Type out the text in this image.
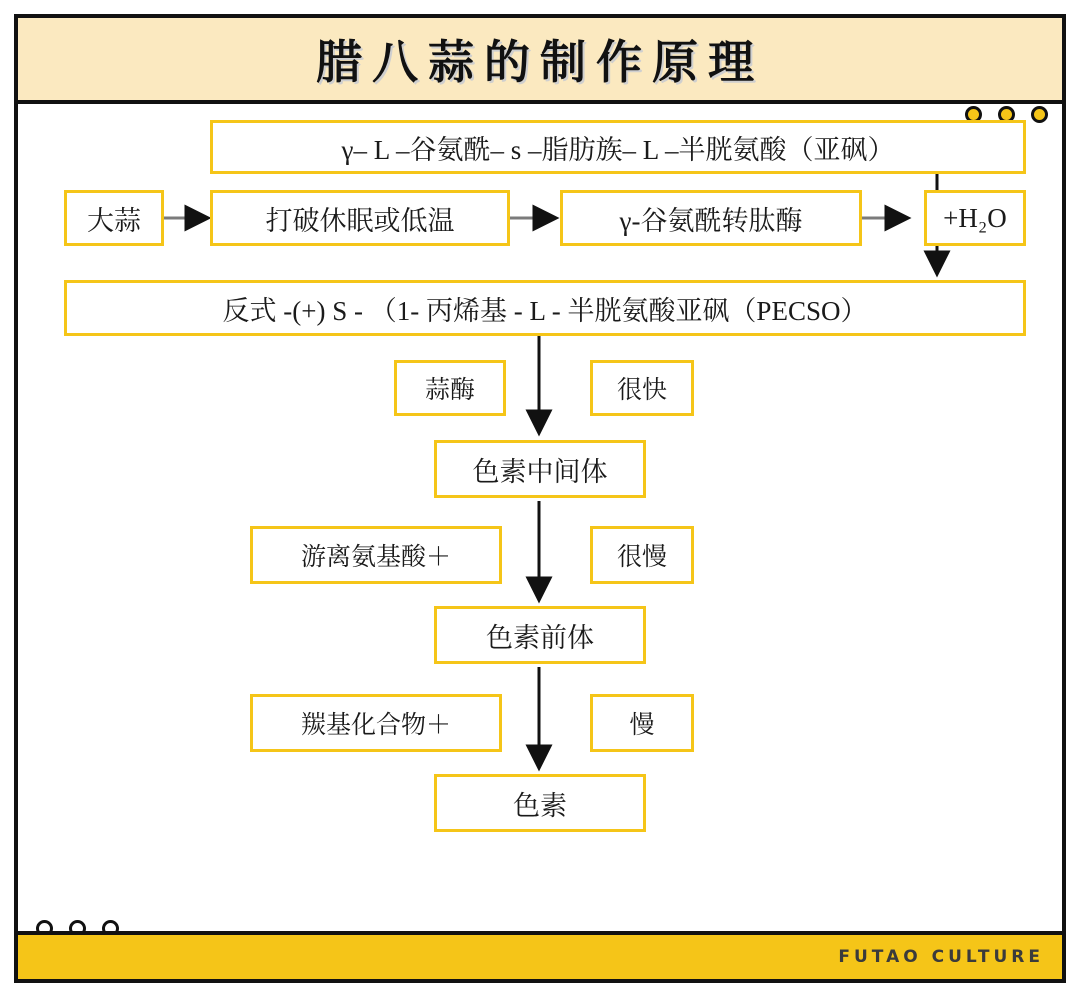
腊八蒜的制作原理
γ– L –谷氨酰– s –脂肪族– L –半胱氨酸（亚砜）
大蒜	打破休眠或低温	γ-谷氨酰转肽酶	+H₂O
反式 -(+) S - （1- 丙烯基 - L - 半胱氨酸亚砜（PECSO）
蒜酶	很快
色素中间体
游离氨基酸＋	很慢
色素前体
羰基化合物＋	慢
色素
FUTAO CULTURE
